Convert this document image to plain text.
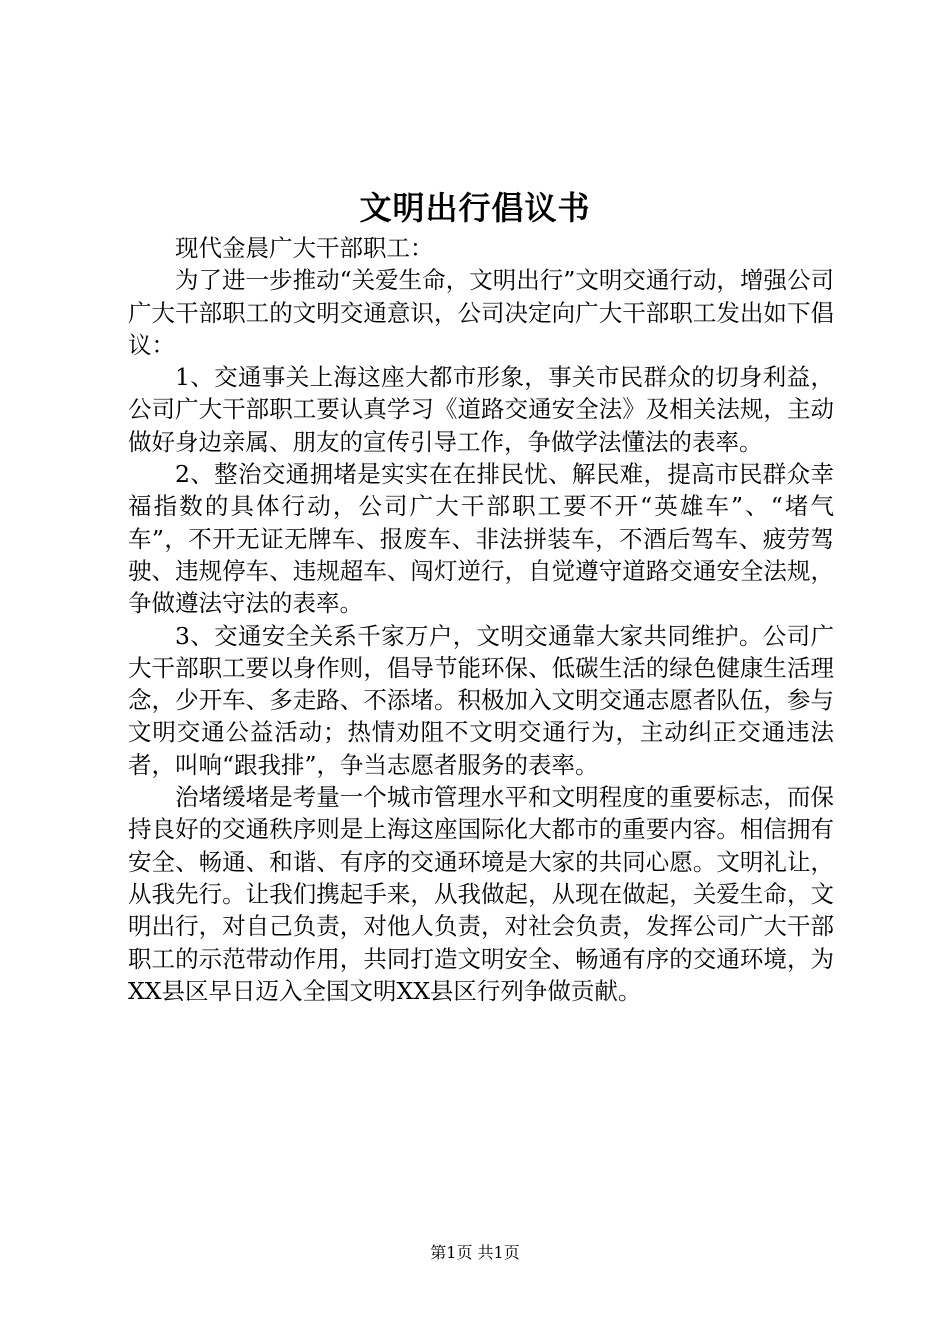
文明出行倡议书

现代金晨广大干部职工：

为了进一步推动“关爱生命，文明出行”文明交通行动，增强公司广大干部职工的文明交通意识，公司决定向广大干部职工发出如下倡议：

1、交通事关上海这座大都市形象，事关市民群众的切身利益，公司广大干部职工要认真学习《道路交通安全法》及相关法规，主动做好身边亲属、朋友的宣传引导工作，争做学法懂法的表率。

2、整治交通拥堵是实实在在排民忧、解民难，提高市民群众幸福指数的具体行动，公司广大干部职工要不开“英雄车”、“堵气车”，不开无证无牌车、报废车、非法拼装车，不酒后驾车、疲劳驾驶、违规停车、违规超车、闯灯逆行，自觉遵守道路交通安全法规，争做遵法守法的表率。

3、交通安全关系千家万户，文明交通靠大家共同维护。公司广大干部职工要以身作则，倡导节能环保、低碳生活的绿色健康生活理念，少开车、多走路、不添堵。积极加入文明交通志愿者队伍，参与文明交通公益活动；热情劝阻不文明交通行为，主动纠正交通违法者，叫响“跟我排”，争当志愿者服务的表率。

治堵缓堵是考量一个城市管理水平和文明程度的重要标志，而保持良好的交通秩序则是上海这座国际化大都市的重要内容。相信拥有安全、畅通、和谐、有序的交通环境是大家的共同心愿。文明礼让，从我先行。让我们携起手来，从我做起，从现在做起，关爱生命，文明出行，对自己负责，对他人负责，对社会负责，发挥公司广大干部职工的示范带动作用，共同打造文明安全、畅通有序的交通环境，为XX县区早日迈入全国文明XX县区行列争做贡献。

第1页 共1页
